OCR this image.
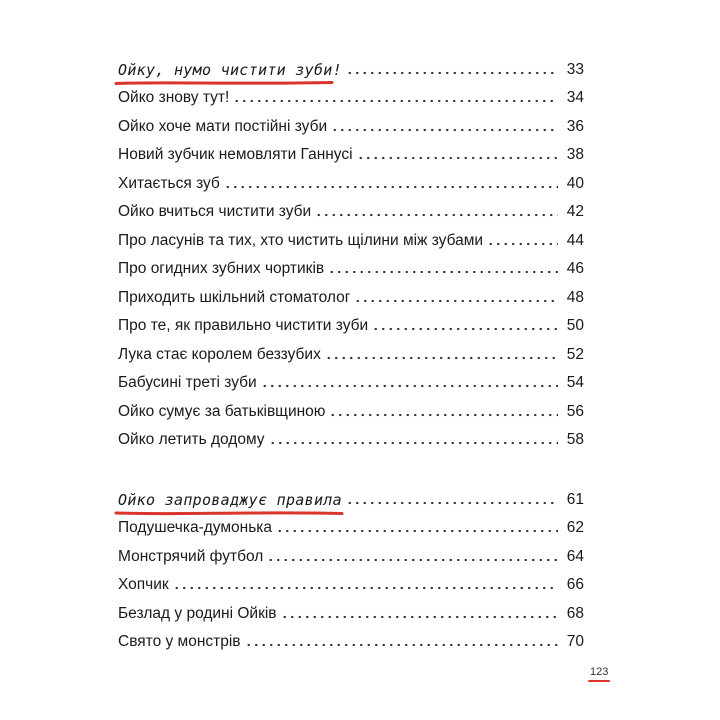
Ойку, нумо чистити зуби!	33
Ойко знову тут!	34
Ойко хоче мати постійні зуби	36
Новий зубчик немовляти Ганнусі	38
Хитається зуб	40
Ойко вчиться чистити зуби	42
Про ласунів та тих, хто чистить щілини між зубами	44
Про огидних зубних чортиків	46
Приходить шкільний стоматолог	48
Про те, як правильно чистити зуби	50
Лука стає королем беззубих	52
Бабусині треті зуби	54
Ойко сумує за батьківщиною	56
Ойко летить додому	58
Ойко запроваджує правила	61
Подушечка-думонька	62
Монстрячий футбол	64
Хопчик	66
Безлад у родині Ойків	68
Свято у монстрів	70
123
